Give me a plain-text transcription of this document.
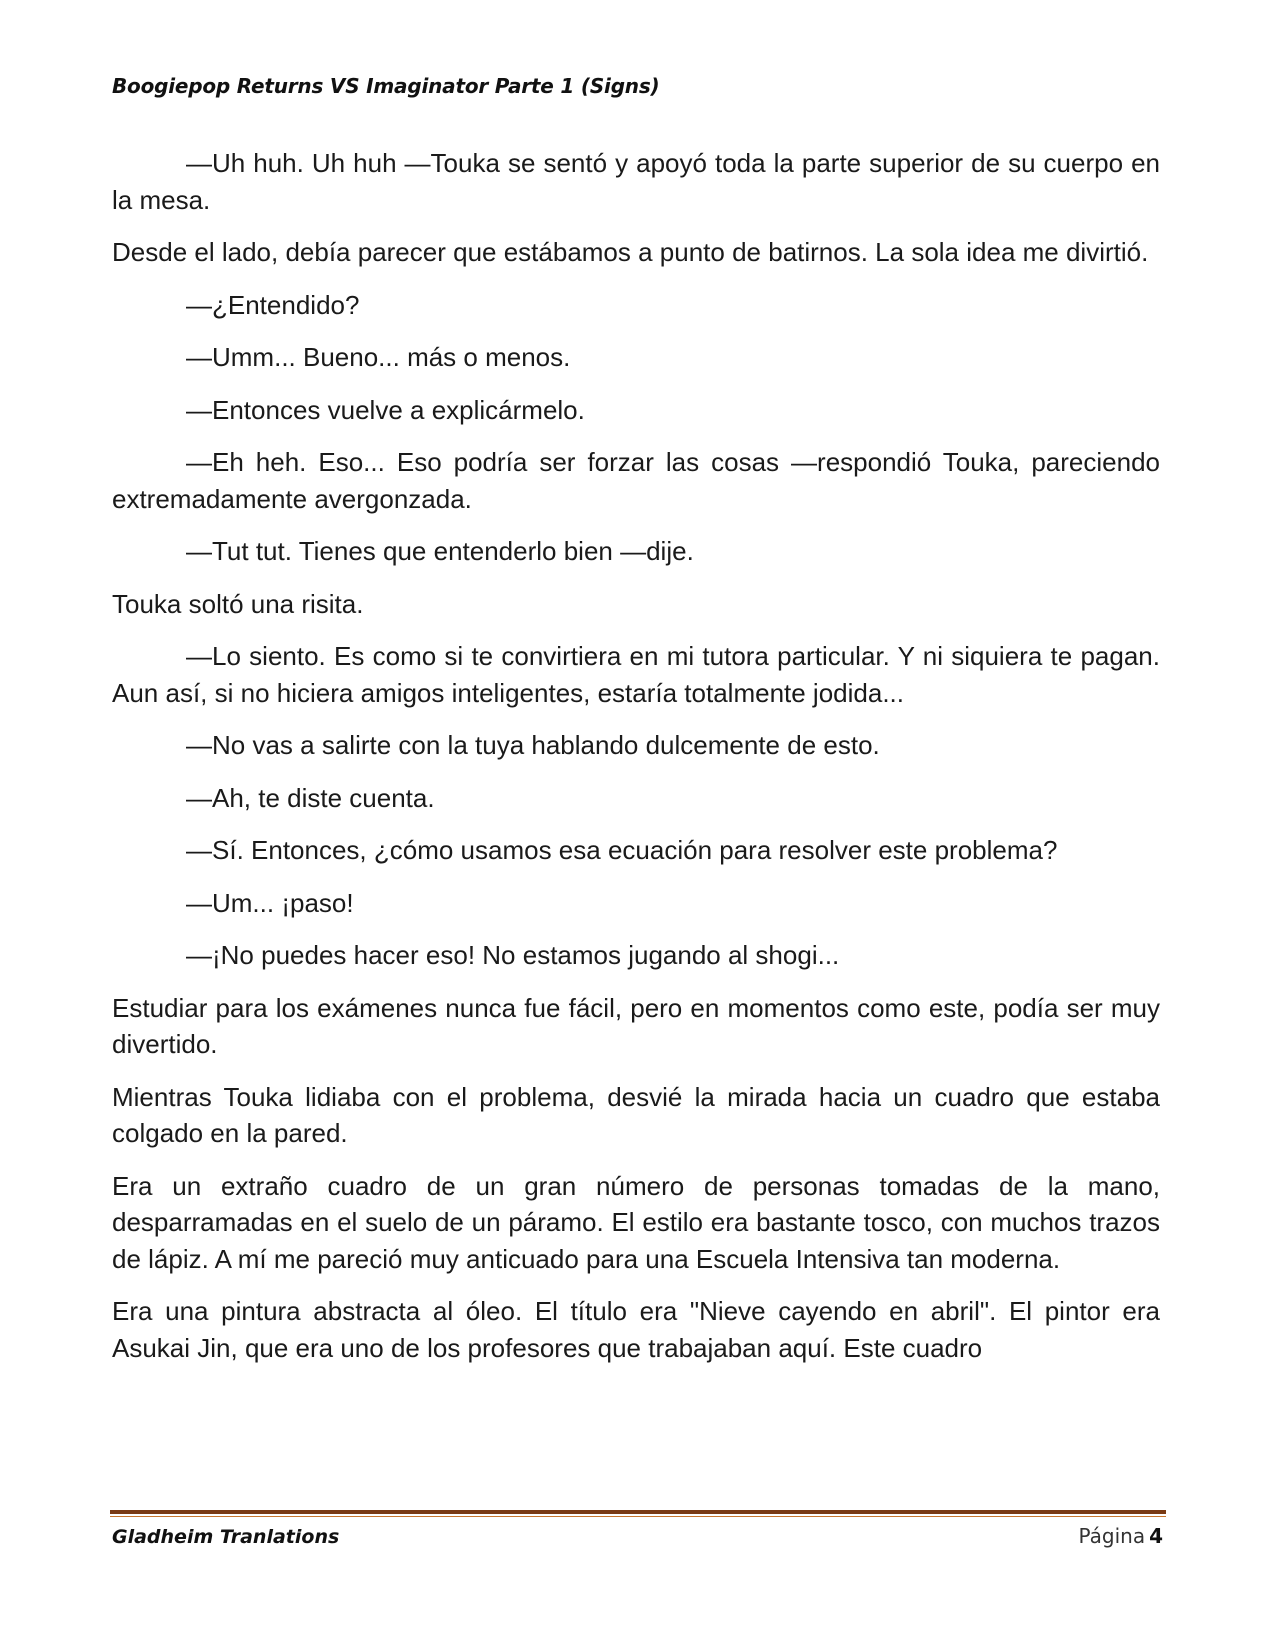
Boogiepop Returns VS Imaginator Parte 1 (Signs)

—Uh huh. Uh huh —Touka se sentó y apoyó toda la parte superior de su cuerpo en la mesa.

Desde el lado, debía parecer que estábamos a punto de batirnos. La sola idea me divirtió.

—¿Entendido?

—Umm... Bueno... más o menos.

—Entonces vuelve a explicármelo.

—Eh heh. Eso... Eso podría ser forzar las cosas —respondió Touka, pareciendo extremadamente avergonzada.

—Tut tut. Tienes que entenderlo bien —dije.

Touka soltó una risita.

—Lo siento. Es como si te convirtiera en mi tutora particular. Y ni siquiera te pagan. Aun así, si no hiciera amigos inteligentes, estaría totalmente jodida...

—No vas a salirte con la tuya hablando dulcemente de esto.

—Ah, te diste cuenta.

—Sí. Entonces, ¿cómo usamos esa ecuación para resolver este problema?

—Um... ¡paso!

—¡No puedes hacer eso! No estamos jugando al shogi...

Estudiar para los exámenes nunca fue fácil, pero en momentos como este, podía ser muy divertido.

Mientras Touka lidiaba con el problema, desvié la mirada hacia un cuadro que estaba colgado en la pared.

Era un extraño cuadro de un gran número de personas tomadas de la mano, desparramadas en el suelo de un páramo. El estilo era bastante tosco, con muchos trazos de lápiz. A mí me pareció muy anticuado para una Escuela Intensiva tan moderna.

Era una pintura abstracta al óleo. El título era "Nieve cayendo en abril". El pintor era Asukai Jin, que era uno de los profesores que trabajaban aquí. Este cuadro

Gladheim Tranlations	Página 4
